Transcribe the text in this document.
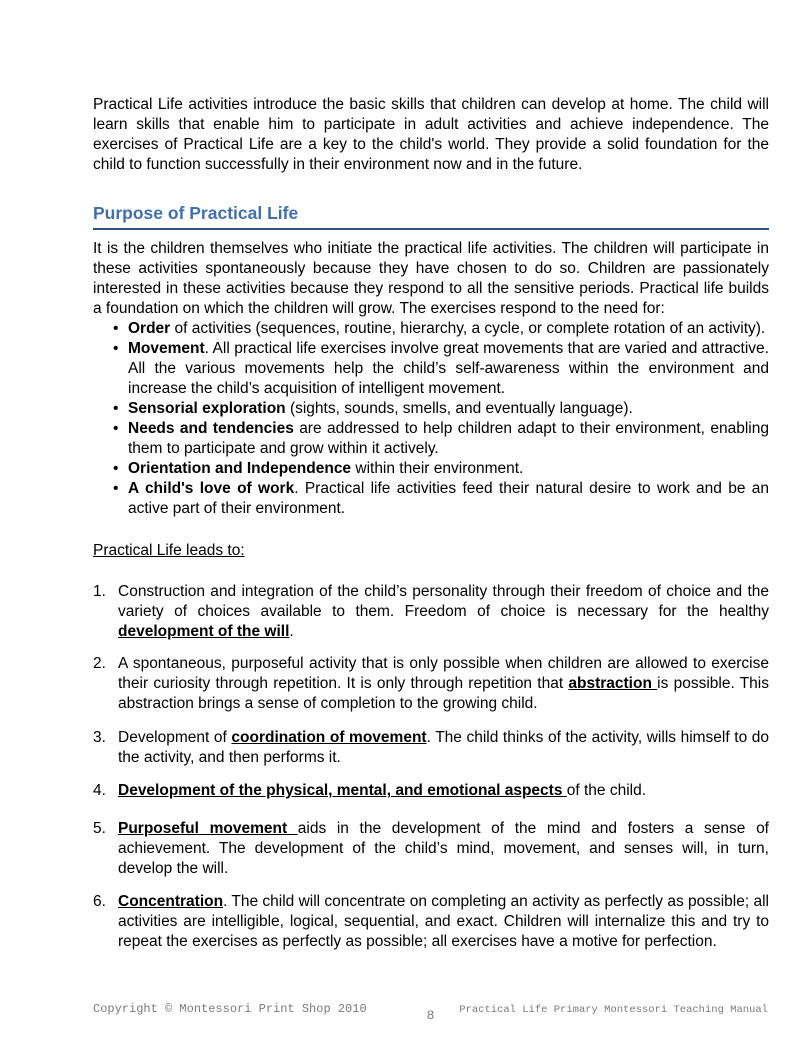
Practical Life activities introduce the basic skills that children can develop at home. The child will learn skills that enable him to participate in adult activities and achieve independence. The exercises of Practical Life are a key to the child's world. They provide a solid foundation for the child to function successfully in their environment now and in the future.

Purpose of Practical Life

It is the children themselves who initiate the practical life activities. The children will participate in these activities spontaneously because they have chosen to do so. Children are passionately interested in these activities because they respond to all the sensitive periods. Practical life builds a foundation on which the children will grow. The exercises respond to the need for:

• Order of activities (sequences, routine, hierarchy, a cycle, or complete rotation of an activity).
• Movement. All practical life exercises involve great movements that are varied and attractive. All the various movements help the child’s self-awareness within the environment and increase the child’s acquisition of intelligent movement.
• Sensorial exploration (sights, sounds, smells, and eventually language).
• Needs and tendencies are addressed to help children adapt to their environment, enabling them to participate and grow within it actively.
• Orientation and Independence within their environment.
• A child's love of work. Practical life activities feed their natural desire to work and be an active part of their environment.
Practical Life leads to:
1. Construction and integration of the child’s personality through their freedom of choice and the variety of choices available to them. Freedom of choice is necessary for the healthy development of the will.
2. A spontaneous, purposeful activity that is only possible when children are allowed to exercise their curiosity through repetition. It is only through repetition that abstraction is possible. This abstraction brings a sense of completion to the growing child.
3. Development of coordination of movement. The child thinks of the activity, wills himself to do the activity, and then performs it.
4. Development of the physical, mental, and emotional aspects of the child.
5. Purposeful movement aids in the development of the mind and fosters a sense of achievement. The development of the child’s mind, movement, and senses will, in turn, develop the will.
6. Concentration. The child will concentrate on completing an activity as perfectly as possible; all activities are intelligible, logical, sequential, and exact. Children will internalize this and try to repeat the exercises as perfectly as possible; all exercises have a motive for perfection.
Copyright © Montessori Print Shop 2010	8 Practical Life Primary Montessori Teaching Manual
